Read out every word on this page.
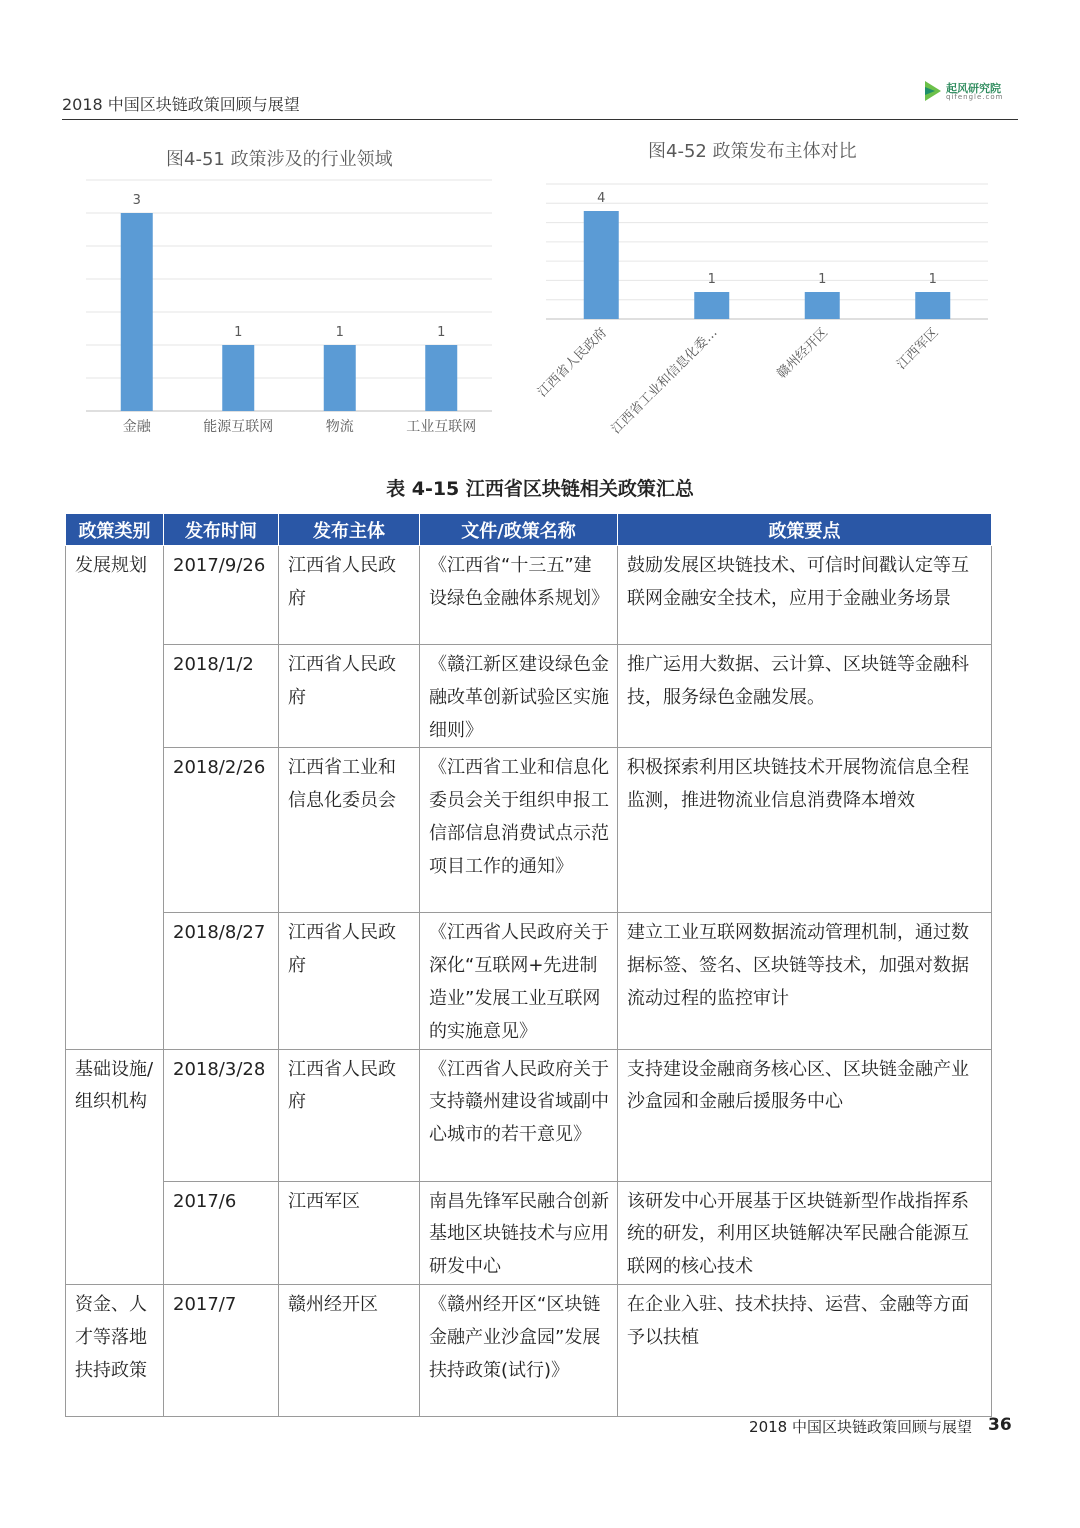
2018 中国区块链政策回顾与展望
起风研究院
qifengle.com
图4-51 政策涉及的行业领域
3
金融
1
能源互联网
1
物流
1
工业互联网
图4-52 政策发布主体对比
4
江西省人民政府
1
江西省工业和信息化委…
1
赣州经开区
1
江西军区
表 4-15 江西省区块链相关政策汇总
政策类别	发布时间	发布主体	文件/政策名称	政策要点
发展规划	2017/9/26	江西省人民政府	《江西省“十三五”建设绿色金融体系规划》	鼓励发展区块链技术、可信时间戳认定等互联网金融安全技术，应用于金融业务场景
	2018/1/2	江西省人民政府	《赣江新区建设绿色金融改革创新试验区实施细则》	推广运用大数据、云计算、区块链等金融科技，服务绿色金融发展。
	2018/2/26	江西省工业和信息化委员会	《江西省工业和信息化委员会关于组织申报工信部信息消费试点示范项目工作的通知》	积极探索利用区块链技术开展物流信息全程监测，推进物流业信息消费降本增效
	2018/8/27	江西省人民政府	《江西省人民政府关于深化“互联网+先进制造业”发展工业互联网的实施意见》	建立工业互联网数据流动管理机制，通过数据标签、签名、区块链等技术，加强对数据流动过程的监控审计
基础设施/组织机构	2018/3/28	江西省人民政府	《江西省人民政府关于支持赣州建设省域副中心城市的若干意见》	支持建设金融商务核心区、区块链金融产业沙盒园和金融后援服务中心
	2017/6	江西军区	南昌先锋军民融合创新基地区块链技术与应用研发中心	该研发中心开展基于区块链新型作战指挥系统的研发，利用区块链解决军民融合能源互联网的核心技术
资金、人才等落地扶持政策	2017/7	赣州经开区	《赣州经开区“区块链金融产业沙盒园”发展扶持政策(试行)》	在企业入驻、技术扶持、运营、金融等方面予以扶植
2018 中国区块链政策回顾与展望 36
